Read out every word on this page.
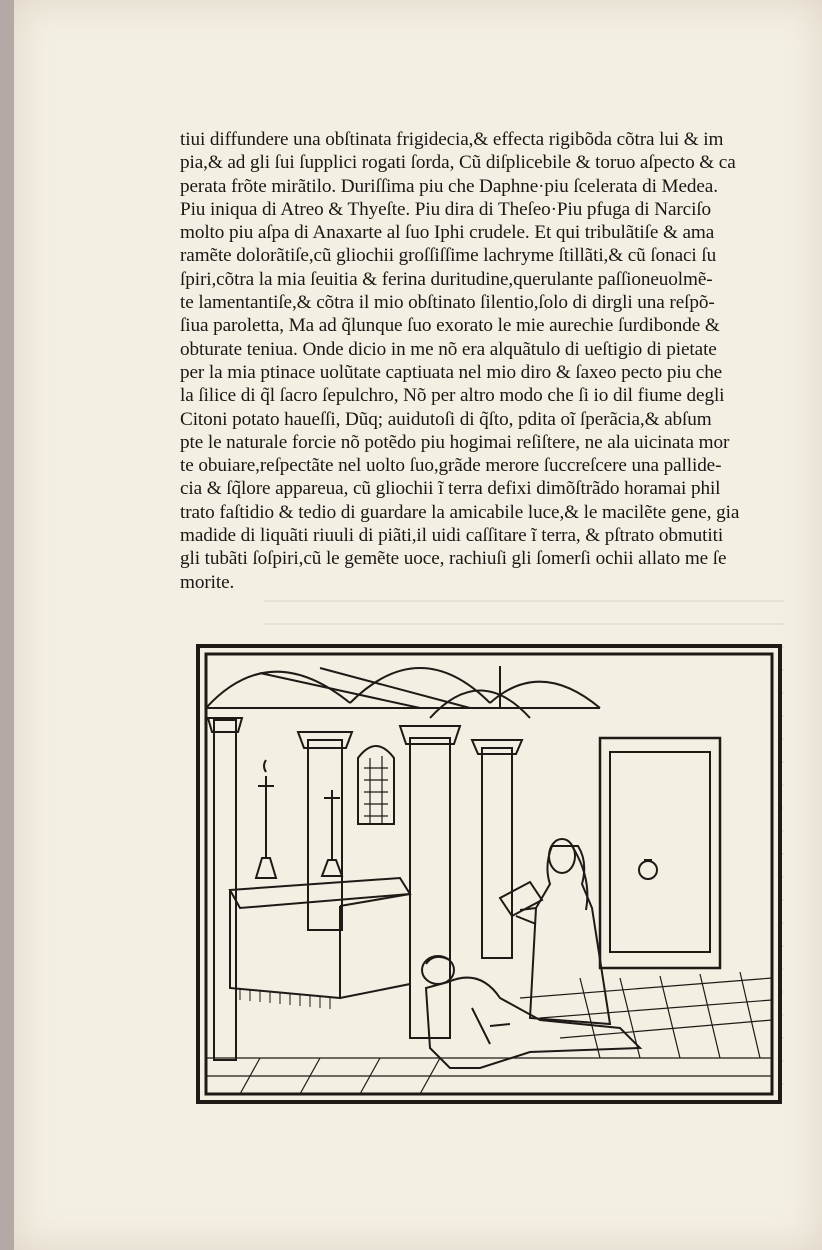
tiui diffundere una obſtinata frigidecia,& effecta rigibõda cõtra lui & im
pia,& ad gli ſui ſupplici rogati ſorda, Cũ diſplicebile & toruo aſpecto & ca
perata frõte mirãtilo. Duriſſima piu che Daphne·piu ſcelerata di Medea.
Piu iniqua di Atreo & Thyeſte. Piu dira di Theſeo·Piu pfuga di Narciſo
molto piu aſpa di Anaxarte al ſuo Iphi crudele. Et qui tribulãtiſe & ama
ramẽte dolorãtiſe,cũ gliochii groſſiſſime lachryme ſtillãti,& cũ ſonaci ſu
ſpiri,cõtra la mia ſeuitia & ferina duritudine,querulante paſſioneuolmẽ-
te lamentantiſe,& cõtra il mio obſtinato ſilentio,ſolo di dirgli una reſpõ-
ſiua paroletta, Ma ad q̃lunque ſuo exorato le mie aurechie ſurdibonde &
obturate teniua. Onde dicio in me nõ era alquãtulo di ueſtigio di pietate
per la mia ptinace uolũtate captiuata nel mio diro & ſaxeo pecto piu che
la ſilice di q̃l ſacro ſepulchro, Nõ per altro modo che ſi io dil fiume degli
Citoni potato haueſſi, Dũq; auidutoſi di q̃ſto, pdita oĩ ſperãcia,& abſum
pte le naturale forcie nõ potẽdo piu hogimai reſiſtere, ne ala uicinata mor
te obuiare,reſpectãte nel uolto ſuo,grãde merore ſuccreſcere una pallide-
cia & ſq̃lore appareua, cũ gliochii ĩ terra defixi dimõſtrãdo horamai phil
trato faſtidio & tedio di guardare la amicabile luce,& le macilẽte gene, gia
madide di liquãti riuuli di piãti,il uidi caſſitare ĩ terra, & pſtrato obmutiti
gli tubãti ſoſpiri,cũ le gemẽte uoce, rachiuſi gli ſomerſi ochii allato me ſe
morite.
